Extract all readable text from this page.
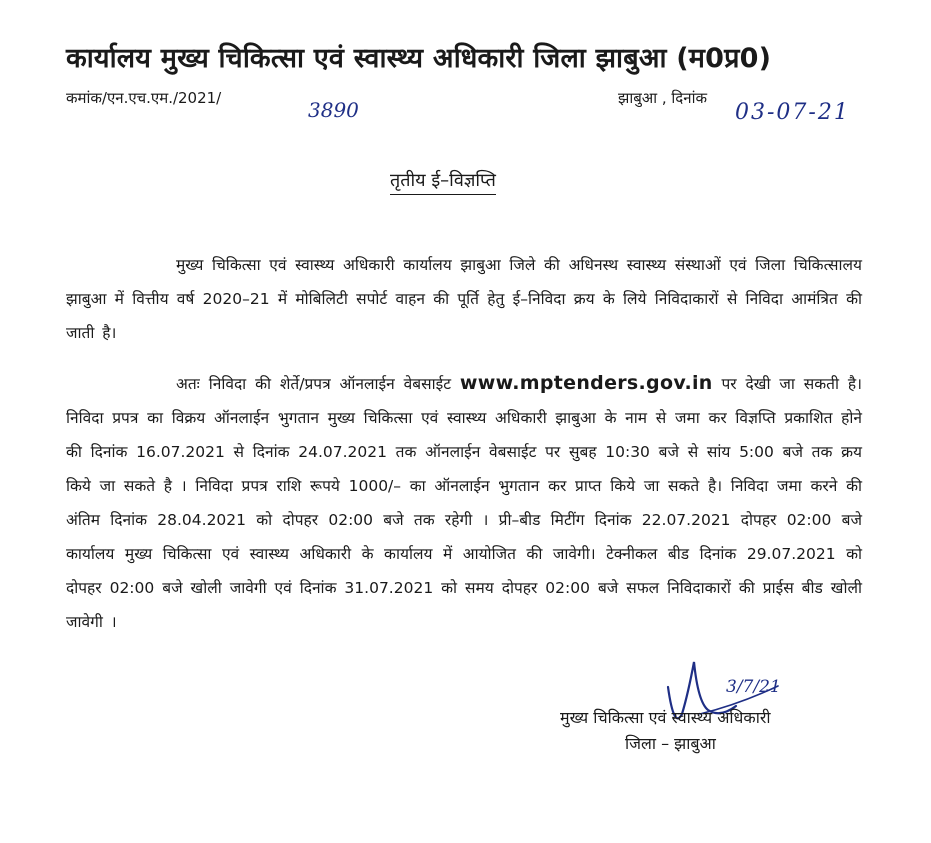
कार्यालय मुख्य चिकित्सा एवं स्वास्थ्य अधिकारी जिला झाबुआ (म0प्र0)
कमांक/एन.एच.एम./2021/	3890	झाबुआ , दिनांक
03-07-21
तृतीय ई–विज्ञप्ति

मुख्य चिकित्सा एवं स्वास्थ्य अधिकारी कार्यालय झाबुआ जिले की अधिनस्थ स्वास्थ्य संस्थाओं एवं जिला चिकित्सालय झाबुआ में वित्तीय वर्ष 2020–21 में मोबिलिटी सपोर्ट वाहन की पूर्ति हेतु ई–निविदा क्रय के लिये निविदाकारों से निविदा आमंत्रित की जाती है।

अतः निविदा की शेर्ते/प्रपत्र ऑनलाईन वेबसाईट www.mptenders.gov.in पर देखी जा सकती है। निविदा प्रपत्र का विक्रय ऑनलाईन भुगतान मुख्य चिकित्सा एवं स्वास्थ्य अधिकारी झाबुआ के नाम से जमा कर विज्ञप्ति प्रकाशित होने की दिनांक 16.07.2021 से दिनांक 24.07.2021 तक ऑनलाईन वेबसाईट पर सुबह 10:30 बजे से सांय 5:00 बजे तक क्रय किये जा सकते है । निविदा प्रपत्र राशि रूपये 1000/– का ऑनलाईन भुगतान कर प्राप्त किये जा सकते है। निविदा जमा करने की अंतिम दिनांक 28.04.2021 को दोपहर 02:00 बजे तक रहेगी । प्री–बीड मिटींग दिनांक 22.07.2021 दोपहर 02:00 बजे कार्यालय मुख्य चिकित्सा एवं स्वास्थ्य अधिकारी के कार्यालय में आयोजित की जावेगी। टेक्नीकल बीड दिनांक 29.07.2021 को दोपहर 02:00 बजे खोली जावेगी एवं दिनांक 31.07.2021 को समय दोपहर 02:00 बजे सफल निविदाकारों की प्राईस बीड खोली जावेगी ।

3/7/21
मुख्य चिकित्सा एवं स्वास्थ्य अधिकारी
जिला – झाबुआ
